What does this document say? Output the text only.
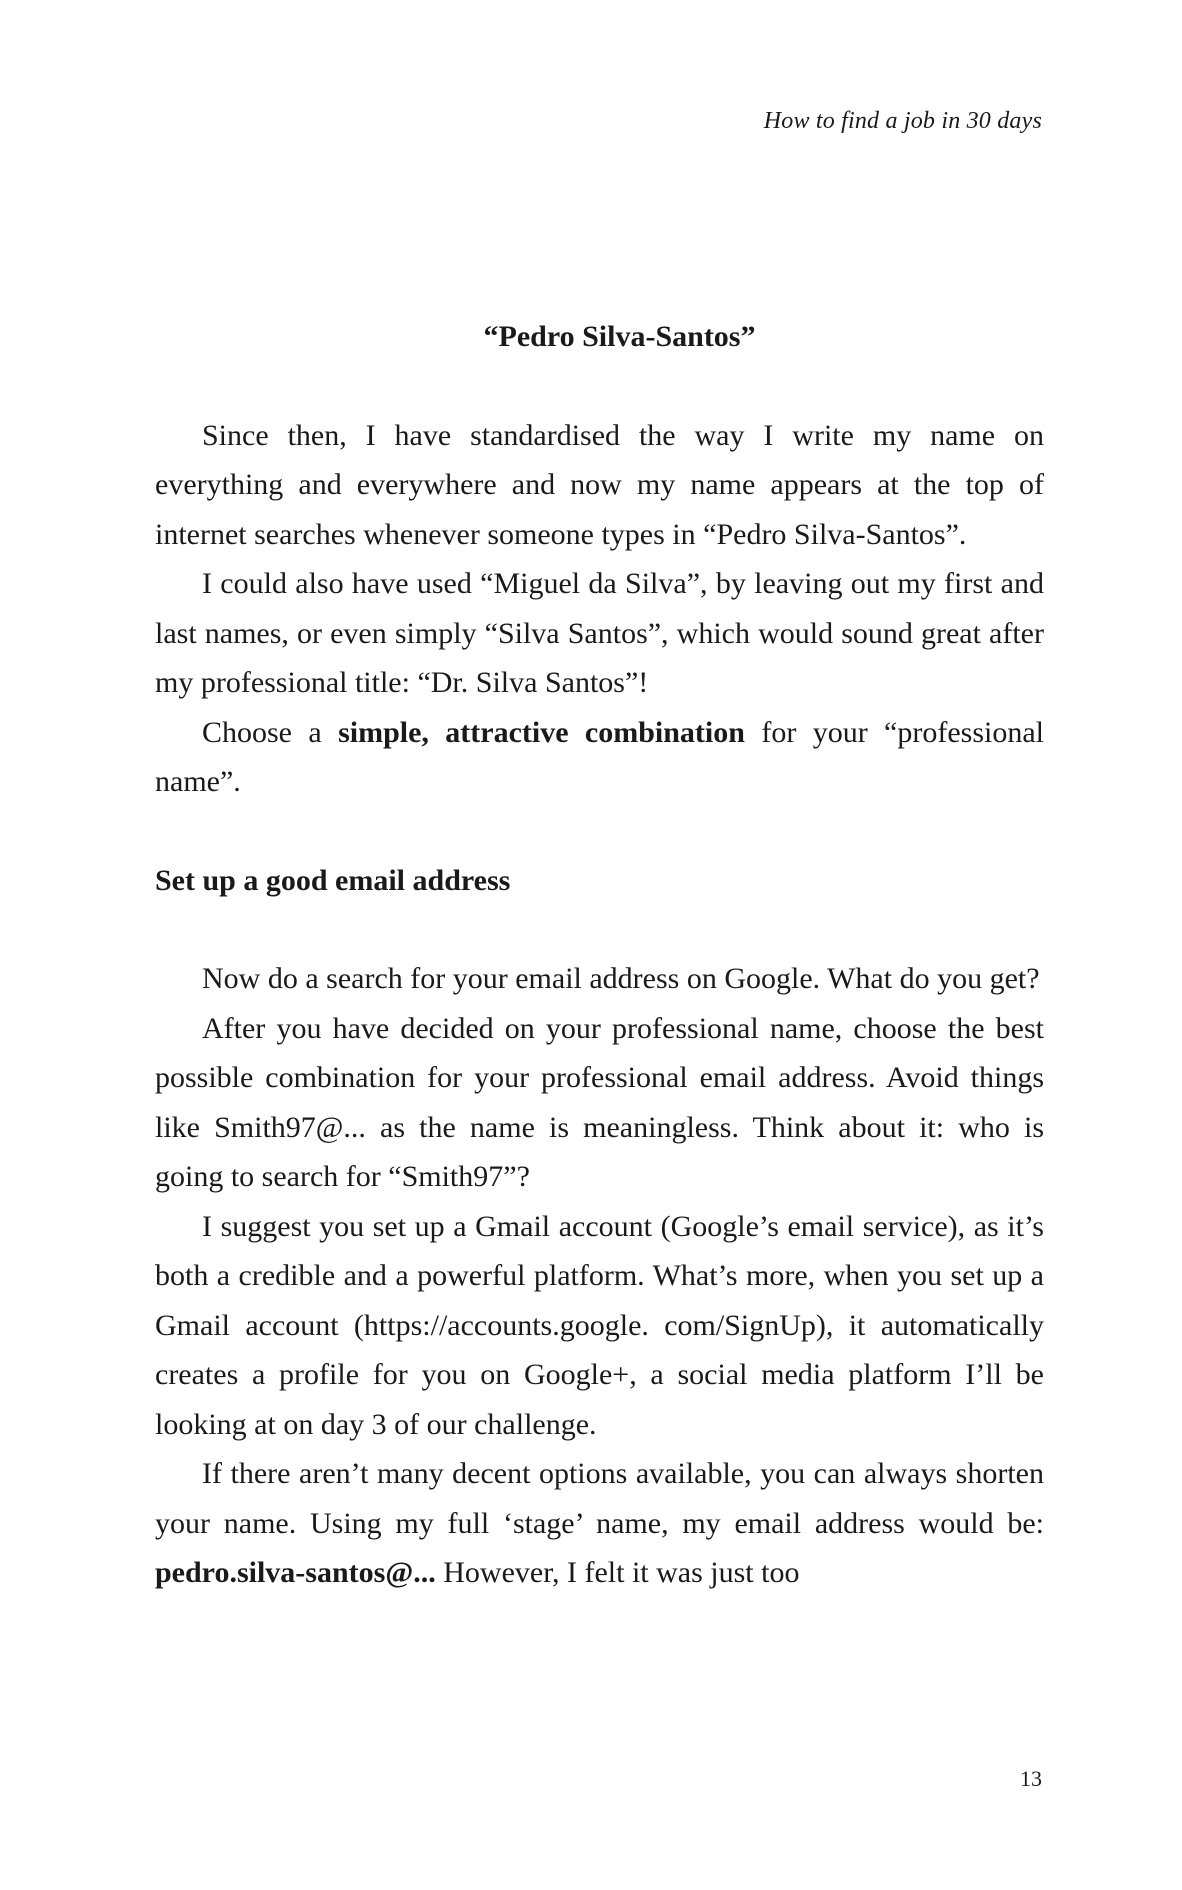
How to find a job in 30 days
“Pedro Silva-Santos”

Since then, I have standardised the way I write my name on everything and everywhere and now my name appears at the top of internet searches whenever someone types in “Pedro Silva-Santos”.

I could also have used “Miguel da Silva”, by leaving out my first and last names, or even simply “Silva Santos”, which would sound great after my professional title: “Dr. Silva Santos”!

Choose a simple, attractive combination for your “professional name”.

Set up a good email address

Now do a search for your email address on Google. What do you get?

After you have decided on your professional name, choose the best possible combination for your professional email address. Avoid things like Smith97@... as the name is meaningless. Think about it: who is going to search for “Smith97”?

I suggest you set up a Gmail account (Google’s email service), as it’s both a credible and a powerful platform. What’s more, when you set up a Gmail account (https://accounts.google. com/SignUp), it automatically creates a profile for you on Google+, a social media platform I’ll be looking at on day 3 of our challenge.

If there aren’t many decent options available, you can always shorten your name. Using my full ‘stage’ name, my email address would be: pedro.silva-santos@... However, I felt it was just too

13
